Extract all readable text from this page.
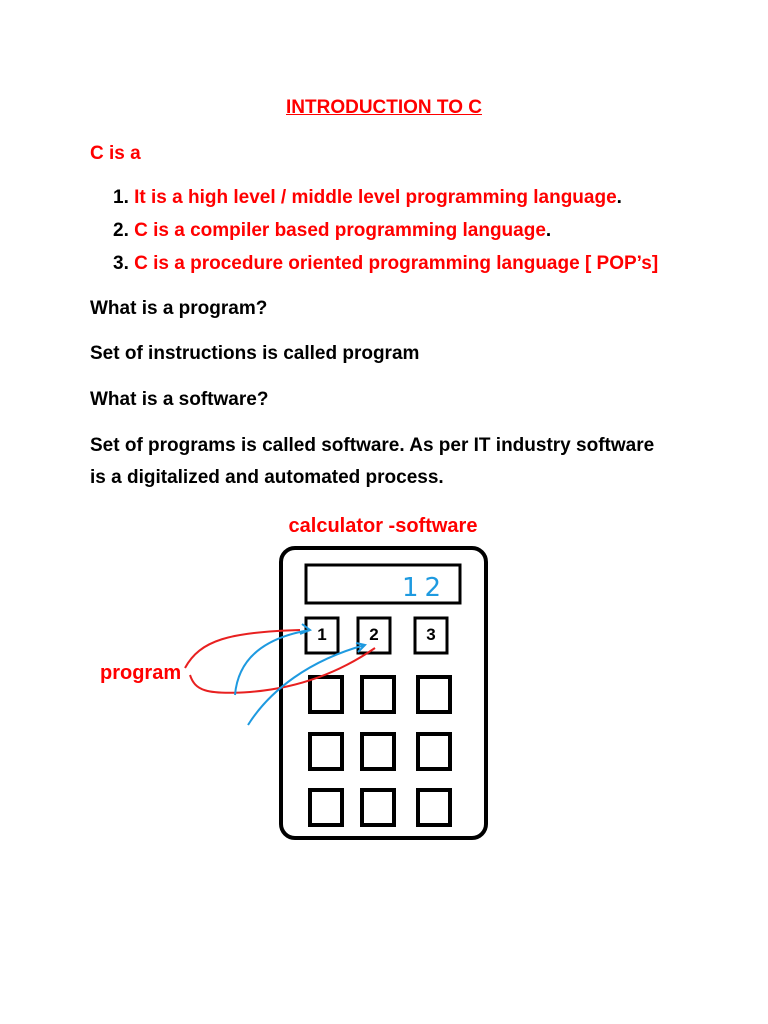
INTRODUCTION TO C
C is a
1. It is a high level / middle level programming language.
2. C is a compiler based programming language.
3. C is a procedure oriented programming language [ POP’s]
What is a program?
Set of instructions is called program
What is a software?
Set of programs is called software. As per IT industry software
is a digitalized and automated process.
calculator -software
12
1	2	3
program
